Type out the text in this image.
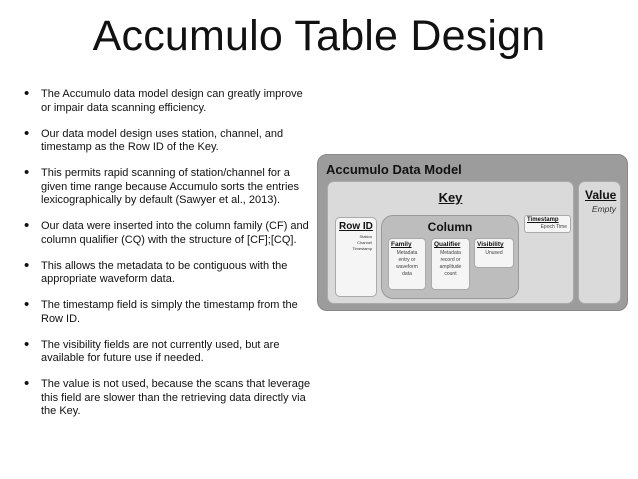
Accumulo Table Design
• The Accumulo data model design can greatly improve or impair data scanning efficiency.
• Our data model design uses station, channel, and timestamp as the Row ID of the Key.
• This permits rapid scanning of station/channel for a given time range because Accumulo sorts the entries lexicographically by default (Sawyer et al., 2013).
• Our data were inserted into the column family (CF) and column qualifier (CQ) with the structure of [CF];[CQ].
• This allows the metadata to be contiguous with the appropriate waveform data.
• The timestamp field is simply the timestamp from the Row ID.
• The visibility fields are not currently used, but are available for future use if needed.
• The value is not used, because the scans that leverage this field are slower than the retrieving data directly via the Key.
Accumulo Data Model
Key
Row ID
Station
Channel
Timestamp
Column
Family
Metadata
entry or
waveform
data
Qualifier
Metadata
record or
amplitude
count
Visibility
Unused
Timestamp
Epoch Time
Value
Empty
